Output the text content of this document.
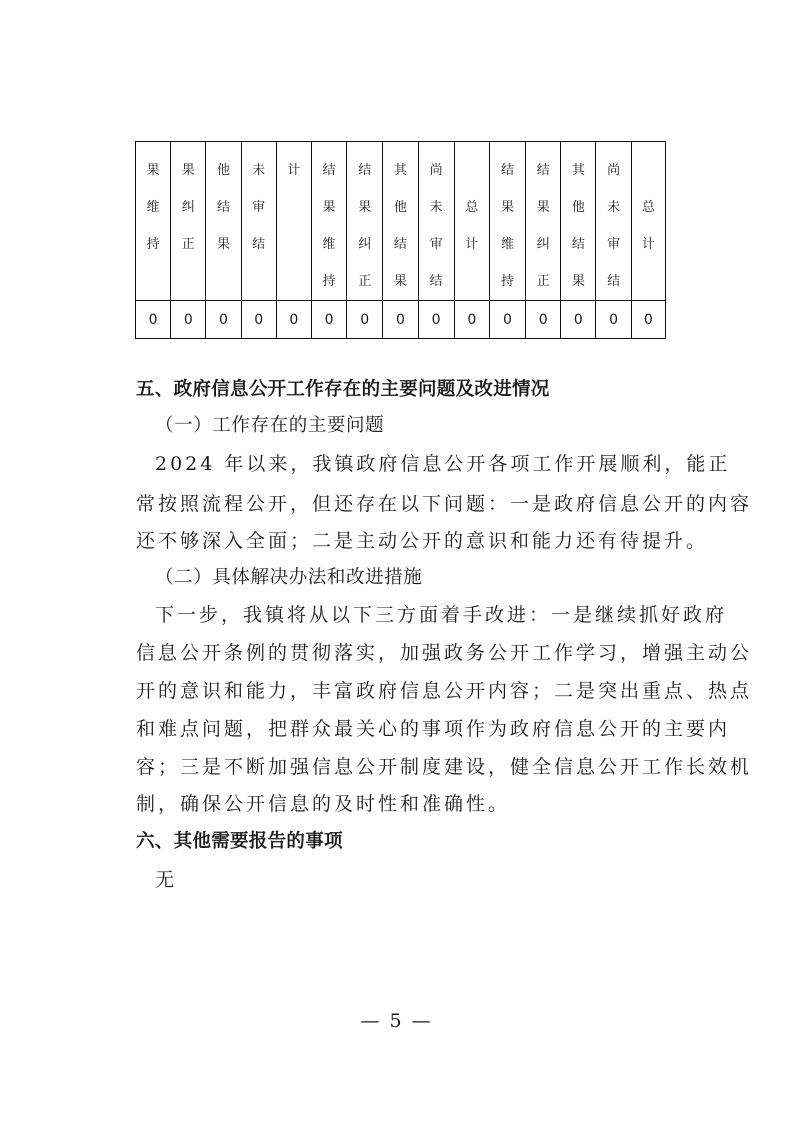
果维持	果纠正	他结果	未审结	计	结果维持	结果纠正	其他结果	尚未审结	总计	结果维持	结果纠正	其他结果	尚未审结	总计

0	0	0	0	0	0	0	0	0	0	0	0	0	0	0
五、政府信息公开工作存在的主要问题及改进情况
（一）工作存在的主要问题
2024 年以来，我镇政府信息公开各项工作开展顺利，能正
常按照流程公开，但还存在以下问题：一是政府信息公开的内容
还不够深入全面；二是主动公开的意识和能力还有待提升。
（二）具体解决办法和改进措施
下一步，我镇将从以下三方面着手改进：一是继续抓好政府
信息公开条例的贯彻落实，加强政务公开工作学习，增强主动公
开的意识和能力，丰富政府信息公开内容；二是突出重点、热点
和难点问题，把群众最关心的事项作为政府信息公开的主要内
容；三是不断加强信息公开制度建设，健全信息公开工作长效机
制，确保公开信息的及时性和准确性。
六、其他需要报告的事项
无
— 5 —
